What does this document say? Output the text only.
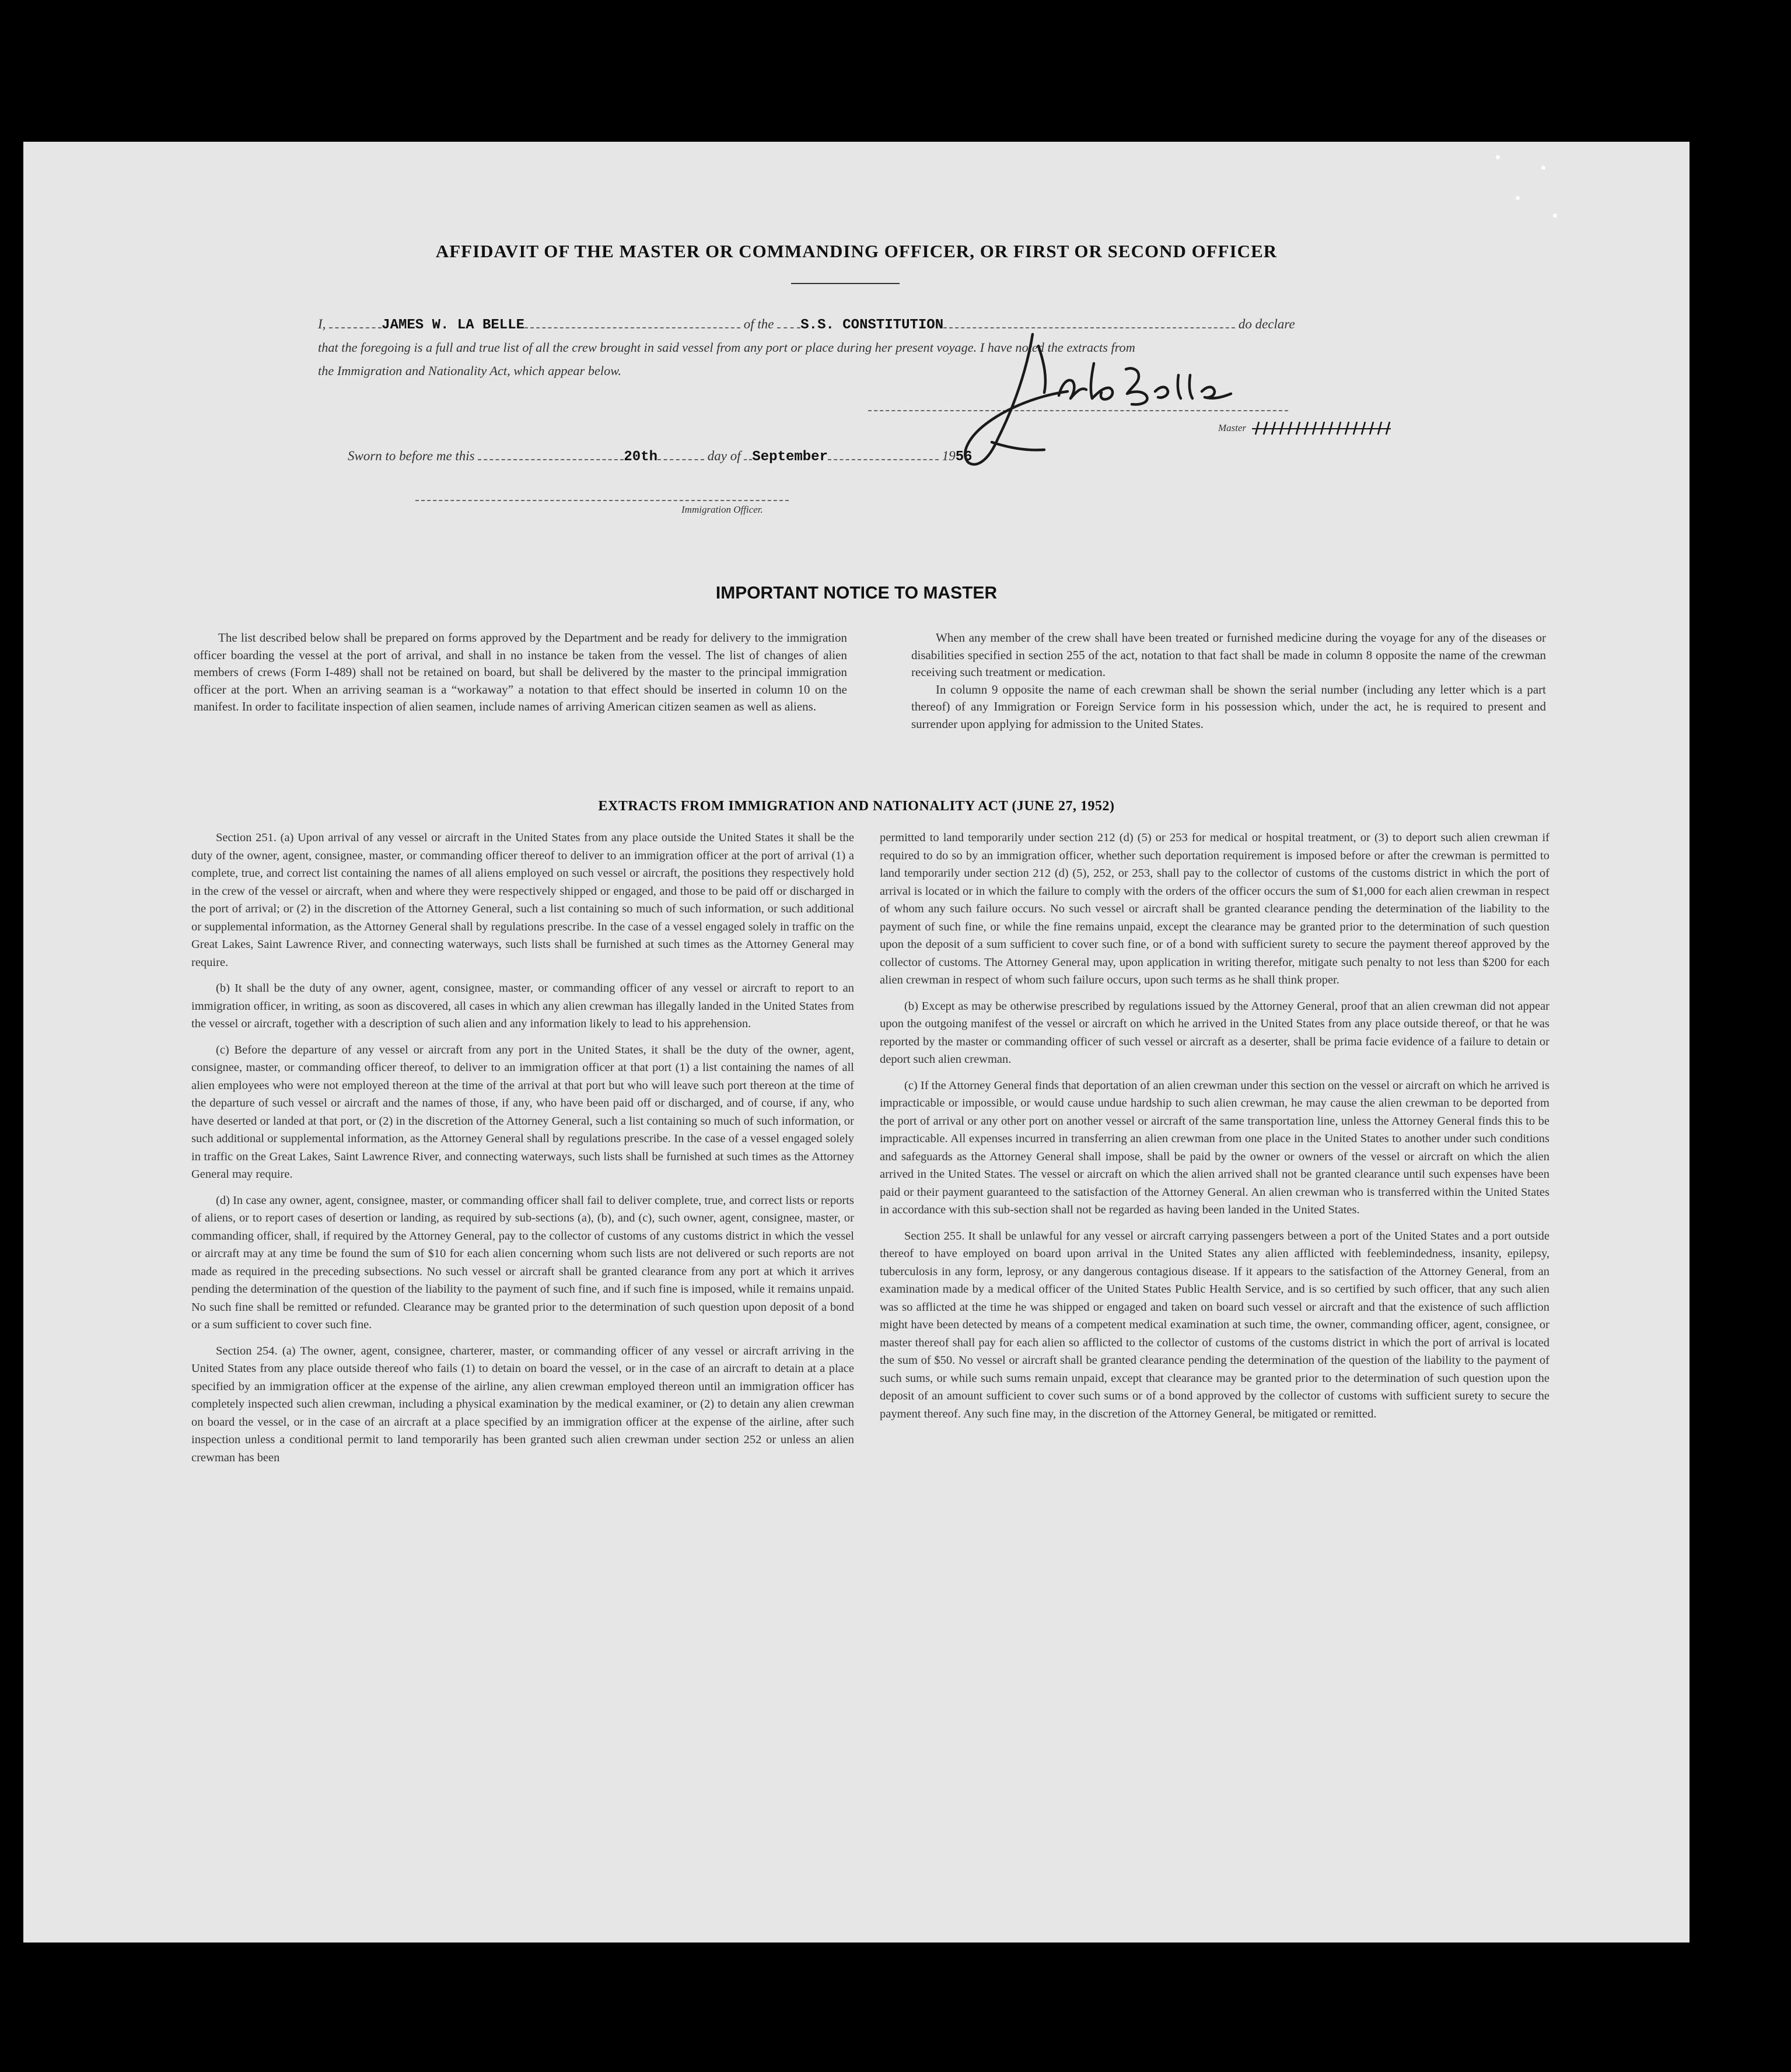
AFFIDAVIT OF THE MASTER OR COMMANDING OFFICER, OR FIRST OR SECOND OFFICER
I,	JAMES W. LA BELLE	of the S.S. CONSTITUTION	do declare
that the foregoing is a full and true list of all the crew brought in said vessel from any port or place during her present voyage. I have noted the extracts from
the Immigration and Nationality Act, which appear below.
Master
Sworn to before me this	20th	day of September	1956
Immigration Officer.
IMPORTANT NOTICE TO MASTER

The list described below shall be prepared on forms approved by the Department and be ready for delivery to the immigration officer boarding the vessel at the port of arrival, and shall in no instance be taken from the vessel. The list of changes of alien members of crews (Form I-489) shall not be retained on board, but shall be delivered by the master to the principal immigration officer at the port. When an arriving seaman is a “workaway” a notation to that effect should be inserted in column 10 on the manifest. In order to facilitate inspection of alien seamen, include names of arriving American citizen seamen as well as aliens.

When any member of the crew shall have been treated or furnished medicine during the voyage for any of the diseases or disabilities specified in section 255 of the act, notation to that fact shall be made in column 8 opposite the name of the crewman receiving such treatment or medication.

In column 9 opposite the name of each crewman shall be shown the serial number (including any letter which is a part thereof) of any Immigration or Foreign Service form in his possession which, under the act, he is required to present and surrender upon applying for admission to the United States.

EXTRACTS FROM IMMIGRATION AND NATIONALITY ACT (JUNE 27, 1952)

Section 251. (a) Upon arrival of any vessel or aircraft in the United States from any place outside the United States it shall be the duty of the owner, agent, consignee, master, or commanding officer thereof to deliver to an immigration officer at the port of arrival (1) a complete, true, and correct list containing the names of all aliens employed on such vessel or aircraft, the positions they respectively hold in the crew of the vessel or aircraft, when and where they were respectively shipped or engaged, and those to be paid off or discharged in the port of arrival; or (2) in the discretion of the Attorney General, such a list containing so much of such information, or such additional or supplemental information, as the Attorney General shall by regulations prescribe. In the case of a vessel engaged solely in traffic on the Great Lakes, Saint Lawrence River, and connecting waterways, such lists shall be furnished at such times as the Attorney General may require.

(b) It shall be the duty of any owner, agent, consignee, master, or commanding officer of any vessel or aircraft to report to an immigration officer, in writing, as soon as discovered, all cases in which any alien crewman has illegally landed in the United States from the vessel or aircraft, together with a description of such alien and any information likely to lead to his apprehension.

(c) Before the departure of any vessel or aircraft from any port in the United States, it shall be the duty of the owner, agent, consignee, master, or commanding officer thereof, to deliver to an immigration officer at that port (1) a list containing the names of all alien employees who were not employed thereon at the time of the arrival at that port but who will leave such port thereon at the time of the departure of such vessel or aircraft and the names of those, if any, who have been paid off or discharged, and of course, if any, who have deserted or landed at that port, or (2) in the discretion of the Attorney General, such a list containing so much of such information, or such additional or supplemental information, as the Attorney General shall by regulations prescribe. In the case of a vessel engaged solely in traffic on the Great Lakes, Saint Lawrence River, and connecting waterways, such lists shall be furnished at such times as the Attorney General may require.

(d) In case any owner, agent, consignee, master, or commanding officer shall fail to deliver complete, true, and correct lists or reports of aliens, or to report cases of desertion or landing, as required by sub-sections (a), (b), and (c), such owner, agent, consignee, master, or commanding officer, shall, if required by the Attorney General, pay to the collector of customs of any customs district in which the vessel or aircraft may at any time be found the sum of $10 for each alien concerning whom such lists are not delivered or such reports are not made as required in the preceding subsections. No such vessel or aircraft shall be granted clearance from any port at which it arrives pending the determination of the question of the liability to the payment of such fine, and if such fine is imposed, while it remains unpaid. No such fine shall be remitted or refunded. Clearance may be granted prior to the determination of such question upon deposit of a bond or a sum sufficient to cover such fine.

Section 254. (a) The owner, agent, consignee, charterer, master, or commanding officer of any vessel or aircraft arriving in the United States from any place outside thereof who fails (1) to detain on board the vessel, or in the case of an aircraft to detain at a place specified by an immigration officer at the expense of the airline, any alien crewman employed thereon until an immigration officer has completely inspected such alien crewman, including a physical examination by the medical examiner, or (2) to detain any alien crewman on board the vessel, or in the case of an aircraft at a place specified by an immigration officer at the expense of the airline, after such inspection unless a conditional permit to land temporarily has been granted such alien crewman under section 252 or unless an alien crewman has been

permitted to land temporarily under section 212 (d) (5) or 253 for medical or hospital treatment, or (3) to deport such alien crewman if required to do so by an immigration officer, whether such deportation requirement is imposed before or after the crewman is permitted to land temporarily under section 212 (d) (5), 252, or 253, shall pay to the collector of customs of the customs district in which the port of arrival is located or in which the failure to comply with the orders of the officer occurs the sum of $1,000 for each alien crewman in respect of whom any such failure occurs. No such vessel or aircraft shall be granted clearance pending the determination of the liability to the payment of such fine, or while the fine remains unpaid, except the clearance may be granted prior to the determination of such question upon the deposit of a sum sufficient to cover such fine, or of a bond with sufficient surety to secure the payment thereof approved by the collector of customs. The Attorney General may, upon application in writing therefor, mitigate such penalty to not less than $200 for each alien crewman in respect of whom such failure occurs, upon such terms as he shall think proper.

(b) Except as may be otherwise prescribed by regulations issued by the Attorney General, proof that an alien crewman did not appear upon the outgoing manifest of the vessel or aircraft on which he arrived in the United States from any place outside thereof, or that he was reported by the master or commanding officer of such vessel or aircraft as a deserter, shall be prima facie evidence of a failure to detain or deport such alien crewman.

(c) If the Attorney General finds that deportation of an alien crewman under this section on the vessel or aircraft on which he arrived is impracticable or impossible, or would cause undue hardship to such alien crewman, he may cause the alien crewman to be deported from the port of arrival or any other port on another vessel or aircraft of the same transportation line, unless the Attorney General finds this to be impracticable. All expenses incurred in transferring an alien crewman from one place in the United States to another under such conditions and safeguards as the Attorney General shall impose, shall be paid by the owner or owners of the vessel or aircraft on which the alien arrived in the United States. The vessel or aircraft on which the alien arrived shall not be granted clearance until such expenses have been paid or their payment guaranteed to the satisfaction of the Attorney General. An alien crewman who is transferred within the United States in accordance with this sub-section shall not be regarded as having been landed in the United States.

Section 255. It shall be unlawful for any vessel or aircraft carrying passengers between a port of the United States and a port outside thereof to have employed on board upon arrival in the United States any alien afflicted with feeblemindedness, insanity, epilepsy, tuberculosis in any form, leprosy, or any dangerous contagious disease. If it appears to the satisfaction of the Attorney General, from an examination made by a medical officer of the United States Public Health Service, and is so certified by such officer, that any such alien was so afflicted at the time he was shipped or engaged and taken on board such vessel or aircraft and that the existence of such affliction might have been detected by means of a competent medical examination at such time, the owner, commanding officer, agent, consignee, or master thereof shall pay for each alien so afflicted to the collector of customs of the customs district in which the port of arrival is located the sum of $50. No vessel or aircraft shall be granted clearance pending the determination of the question of the liability to the payment of such sums, or while such sums remain unpaid, except that clearance may be granted prior to the determination of such question upon the deposit of an amount sufficient to cover such sums or of a bond approved by the collector of customs with sufficient surety to secure the payment thereof. Any such fine may, in the discretion of the Attorney General, be mitigated or remitted.
